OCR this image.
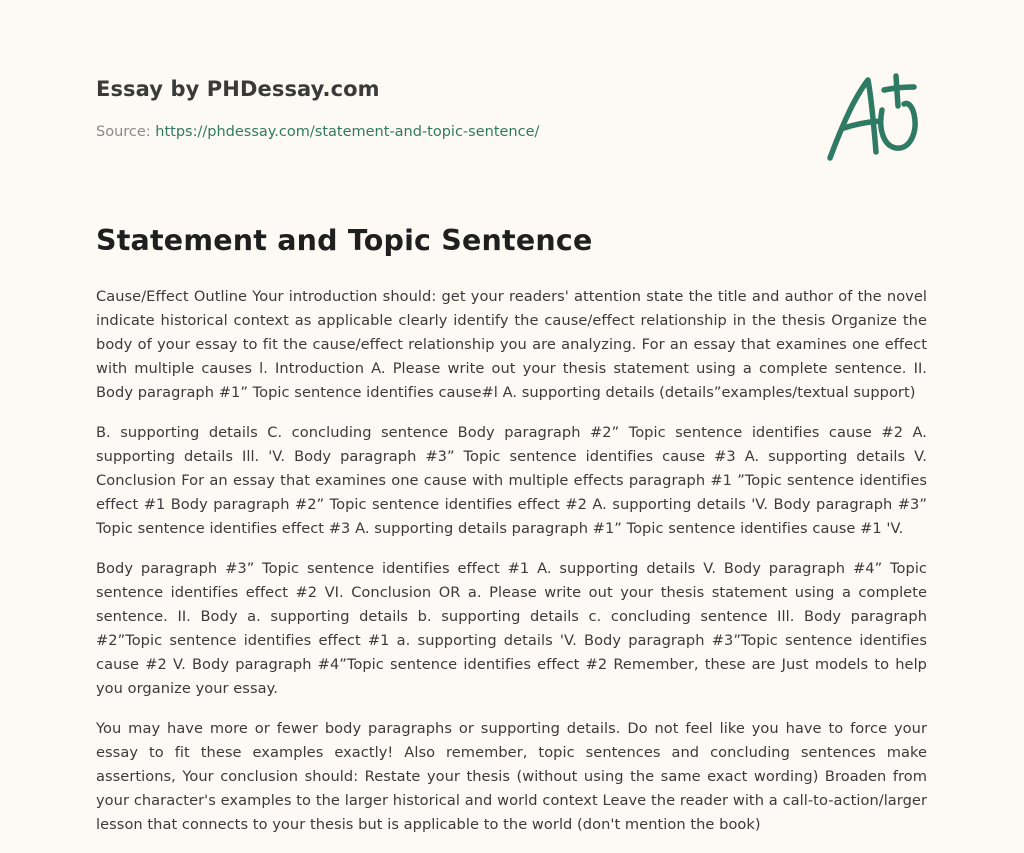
Essay by PHDessay.com
Source: https://phdessay.com/statement-and-topic-sentence/
Statement and Topic Sentence

Cause/Effect Outline Your introduction should: get your readers' attention state the title and author of the novel indicate historical context as applicable clearly identify the cause/effect relationship in the thesis Organize the body of your essay to fit the cause/effect relationship you are analyzing. For an essay that examines one effect with multiple causes l. Introduction A. Please write out your thesis statement using a complete sentence. II. Body paragraph #1” Topic sentence identifies cause#l A. supporting details (details”examples/textual support)

B. supporting details C. concluding sentence Body paragraph #2” Topic sentence identifies cause #2 A. supporting details Ill. 'V. Body paragraph #3” Topic sentence identifies cause #3 A. supporting details V. Conclusion For an essay that examines one cause with multiple effects paragraph #1 ”Topic sentence identifies effect #1 Body paragraph #2” Topic sentence identifies effect #2 A. supporting details 'V. Body paragraph #3” Topic sentence identifies effect #3 A. supporting details paragraph #1” Topic sentence identifies cause #1 'V.

Body paragraph #3” Topic sentence identifies effect #1 A. supporting details V. Body paragraph #4” Topic sentence identifies effect #2 VI. Conclusion OR a. Please write out your thesis statement using a complete sentence. II. Body a. supporting details b. supporting details c. concluding sentence Ill. Body paragraph #2”Topic sentence identifies effect #1 a. supporting details 'V. Body paragraph #3”Topic sentence identifies cause #2 V. Body paragraph #4”Topic sentence identifies effect #2 Remember, these are Just models to help you organize your essay.

You may have more or fewer body paragraphs or supporting details. Do not feel like you have to force your essay to fit these examples exactly! Also remember, topic sentences and concluding sentences make assertions, Your conclusion should: Restate your thesis (without using the same exact wording) Broaden from your character's examples to the larger historical and world context Leave the reader with a call-to-action/larger lesson that connects to your thesis but is applicable to the world (don't mention the book)
